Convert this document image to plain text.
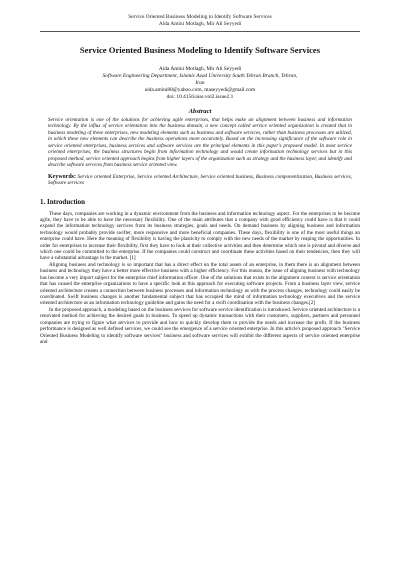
Service Oriented Business Modeling to Identify Software Services
Aida Amini Motlagh, Mir Ali Seyyedi
Service Oriented Business Modeling to Identify Software Services
Aida Amini Motlagh, Mir Ali Seyyedi
Software Engineering Department, Islamic Azad University South Tehran Branch, Tehran,
Iran
aida.amini88@yahoo.com, maseyyedi@gmail.com
doi: 10.4156/aiss.vol2.issue2.1
Abstract
Service orientation is one of the solutions for achieving agile enterprises, that helps make an alignment between business and information technology. By the influx of service orientation into the business domain, a new concept called service oriented organization is created that in business modeling of these enterprises, new modeling elements such as business and software services, rather than business processes are utilized, in which these new elements can describe the business operations more accurately. Based on the increasing significance of the software role in service oriented enterprises, business services and software services are the principal elements in this paper's proposed model. In most service oriented enterprises, the business structures begin from information technology and would create information technology services but in this proposed method, service oriented approach begins from higher layers of the organization such as strategy and the business layer, and identify and describe software services from business service oriented view.
Keywords: Service oriented Enterprise, Service oriented Architecture, Service oriented business, Business componentization, Business services, Software services
1. Introduction

These days, companies are working in a dynamic environment from the business and information technology aspect. For the enterprises to be become agile, they have to be able to have the necessary flexibility. One of the main attributes that a company with good efficiency could have is that it could expand the information technology services from its business strategies, goals and needs. On demand business by aligning business and information technology would probably provide swifter, more responsive and more beneficial companies. These days, flexibility is one of the most useful things an enterprise could have. Here the meaning of flexibility is having the plasticity to comply with the new needs of the market by reaping the opportunities. In order for enterprises to increase their flexibility, first they have to look at their collective activities and then determine which one is pivotal and diverse and which one could be committed to the enterprise. If the companies could construct and coordinate these activities based on their tendencies, then they will have a substantial advantage in the market. [1]

Aligning business and technology is so important that has a direct effect on the total assets of an enterprise, in them there is an alignment between business and technology they have a better more effective business with a higher efficiency. For this reason, the issue of aligning business with technology has become a very import subject for the enterprise chief information officer .One of the solutions that exists in the alignment context is service orientation that has caused the enterprise organizations to have a specific look at this approach for executing software projects. From a business layer view, service oriented architecture creates a connection between business processes and information technology as with the process changes, technology could easily be coordinated. Swift business changes is another fundamental subject that has occupied the mind of information technology executives and the service oriented architecture as an information technology guideline and gains the need for a swift coordination with the business changes.[2]

In the proposed approach, a modeling based on the business services for software service identification is introduced. Service oriented architecture is a renovated method for achieving the desired goals in business. To speed up dynamic transactions with their customers, suppliers, partners and personnel companies are trying to figure what services to provide and how to quickly develop them to provide the needs and increase the profit. If the business performance is designed as well defined services, we could see the emergence of a service oriented enterprise. In this article's proposed approach "Service Oriented Business Modeling to identify software services" business and software services will exhibit the different aspects of service oriented enterprise and

.
